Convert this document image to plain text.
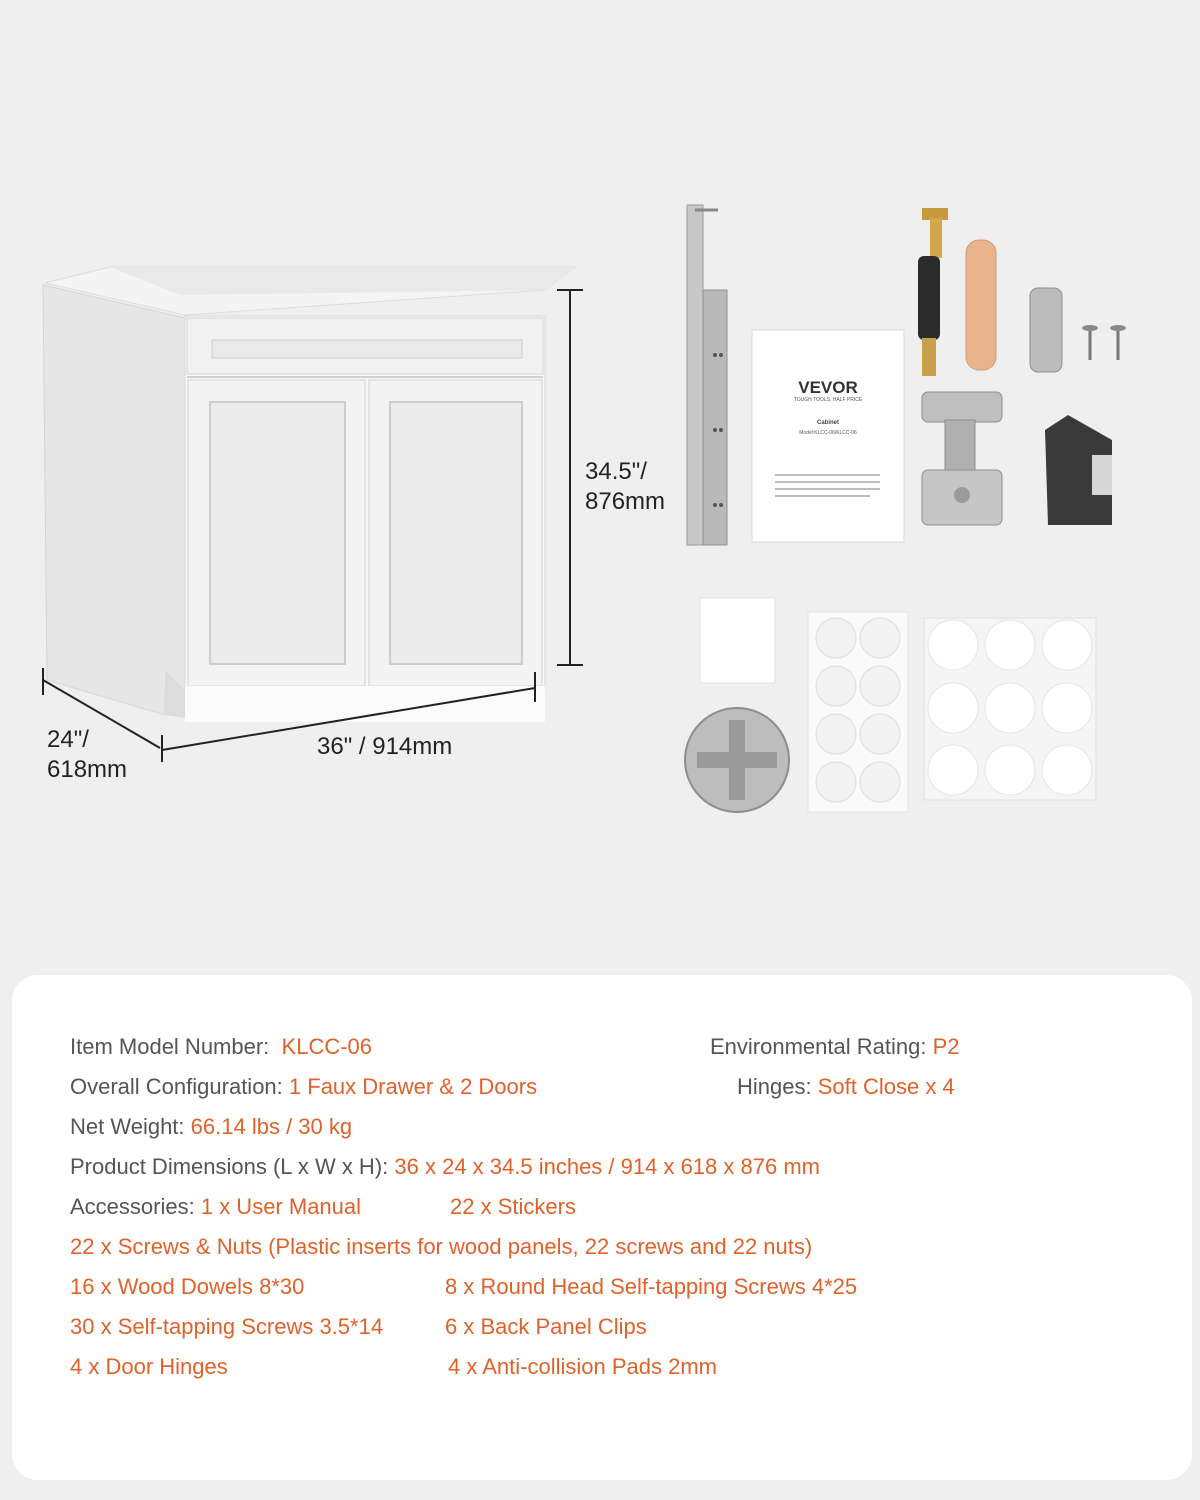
34.5"/
876mm
36" / 914mm
24"/
618mm
VEVOR
TOUGH TOOLS, HALF PRICE
Cabinet
Model:KLCC-06/KLCC-06
Item Model Number: KLCC-06	Environmental Rating: P2
Overall Configuration: 1 Faux Drawer & 2 Doors	Hinges: Soft Close x 4
Net Weight: 66.14 lbs / 30 kg
Product Dimensions (L x W x H): 36 x 24 x 34.5 inches / 914 x 618 x 876 mm
Accessories: 1 x User Manual	22 x Stickers
22 x Screws & Nuts (Plastic inserts for wood panels, 22 screws and 22 nuts)
16 x Wood Dowels 8*30	8 x Round Head Self-tapping Screws 4*25
30 x Self-tapping Screws 3.5*14	6 x Back Panel Clips
4 x Door Hinges	4 x Anti-collision Pads 2mm
